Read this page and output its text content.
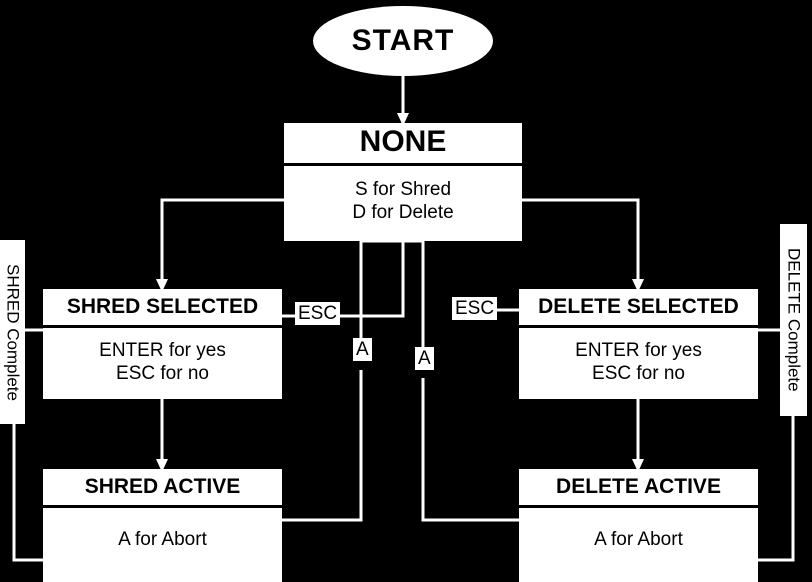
START
NONE
S for Shred
D for Delete
SHRED SELECTED
ENTER for yes
ESC for no
DELETE SELECTED
ENTER for yes
ESC for no
SHRED ACTIVE
A for Abort
DELETE ACTIVE
A for Abort
ESC	ESC
A	A
SHRED Complete	DELETE Complete
